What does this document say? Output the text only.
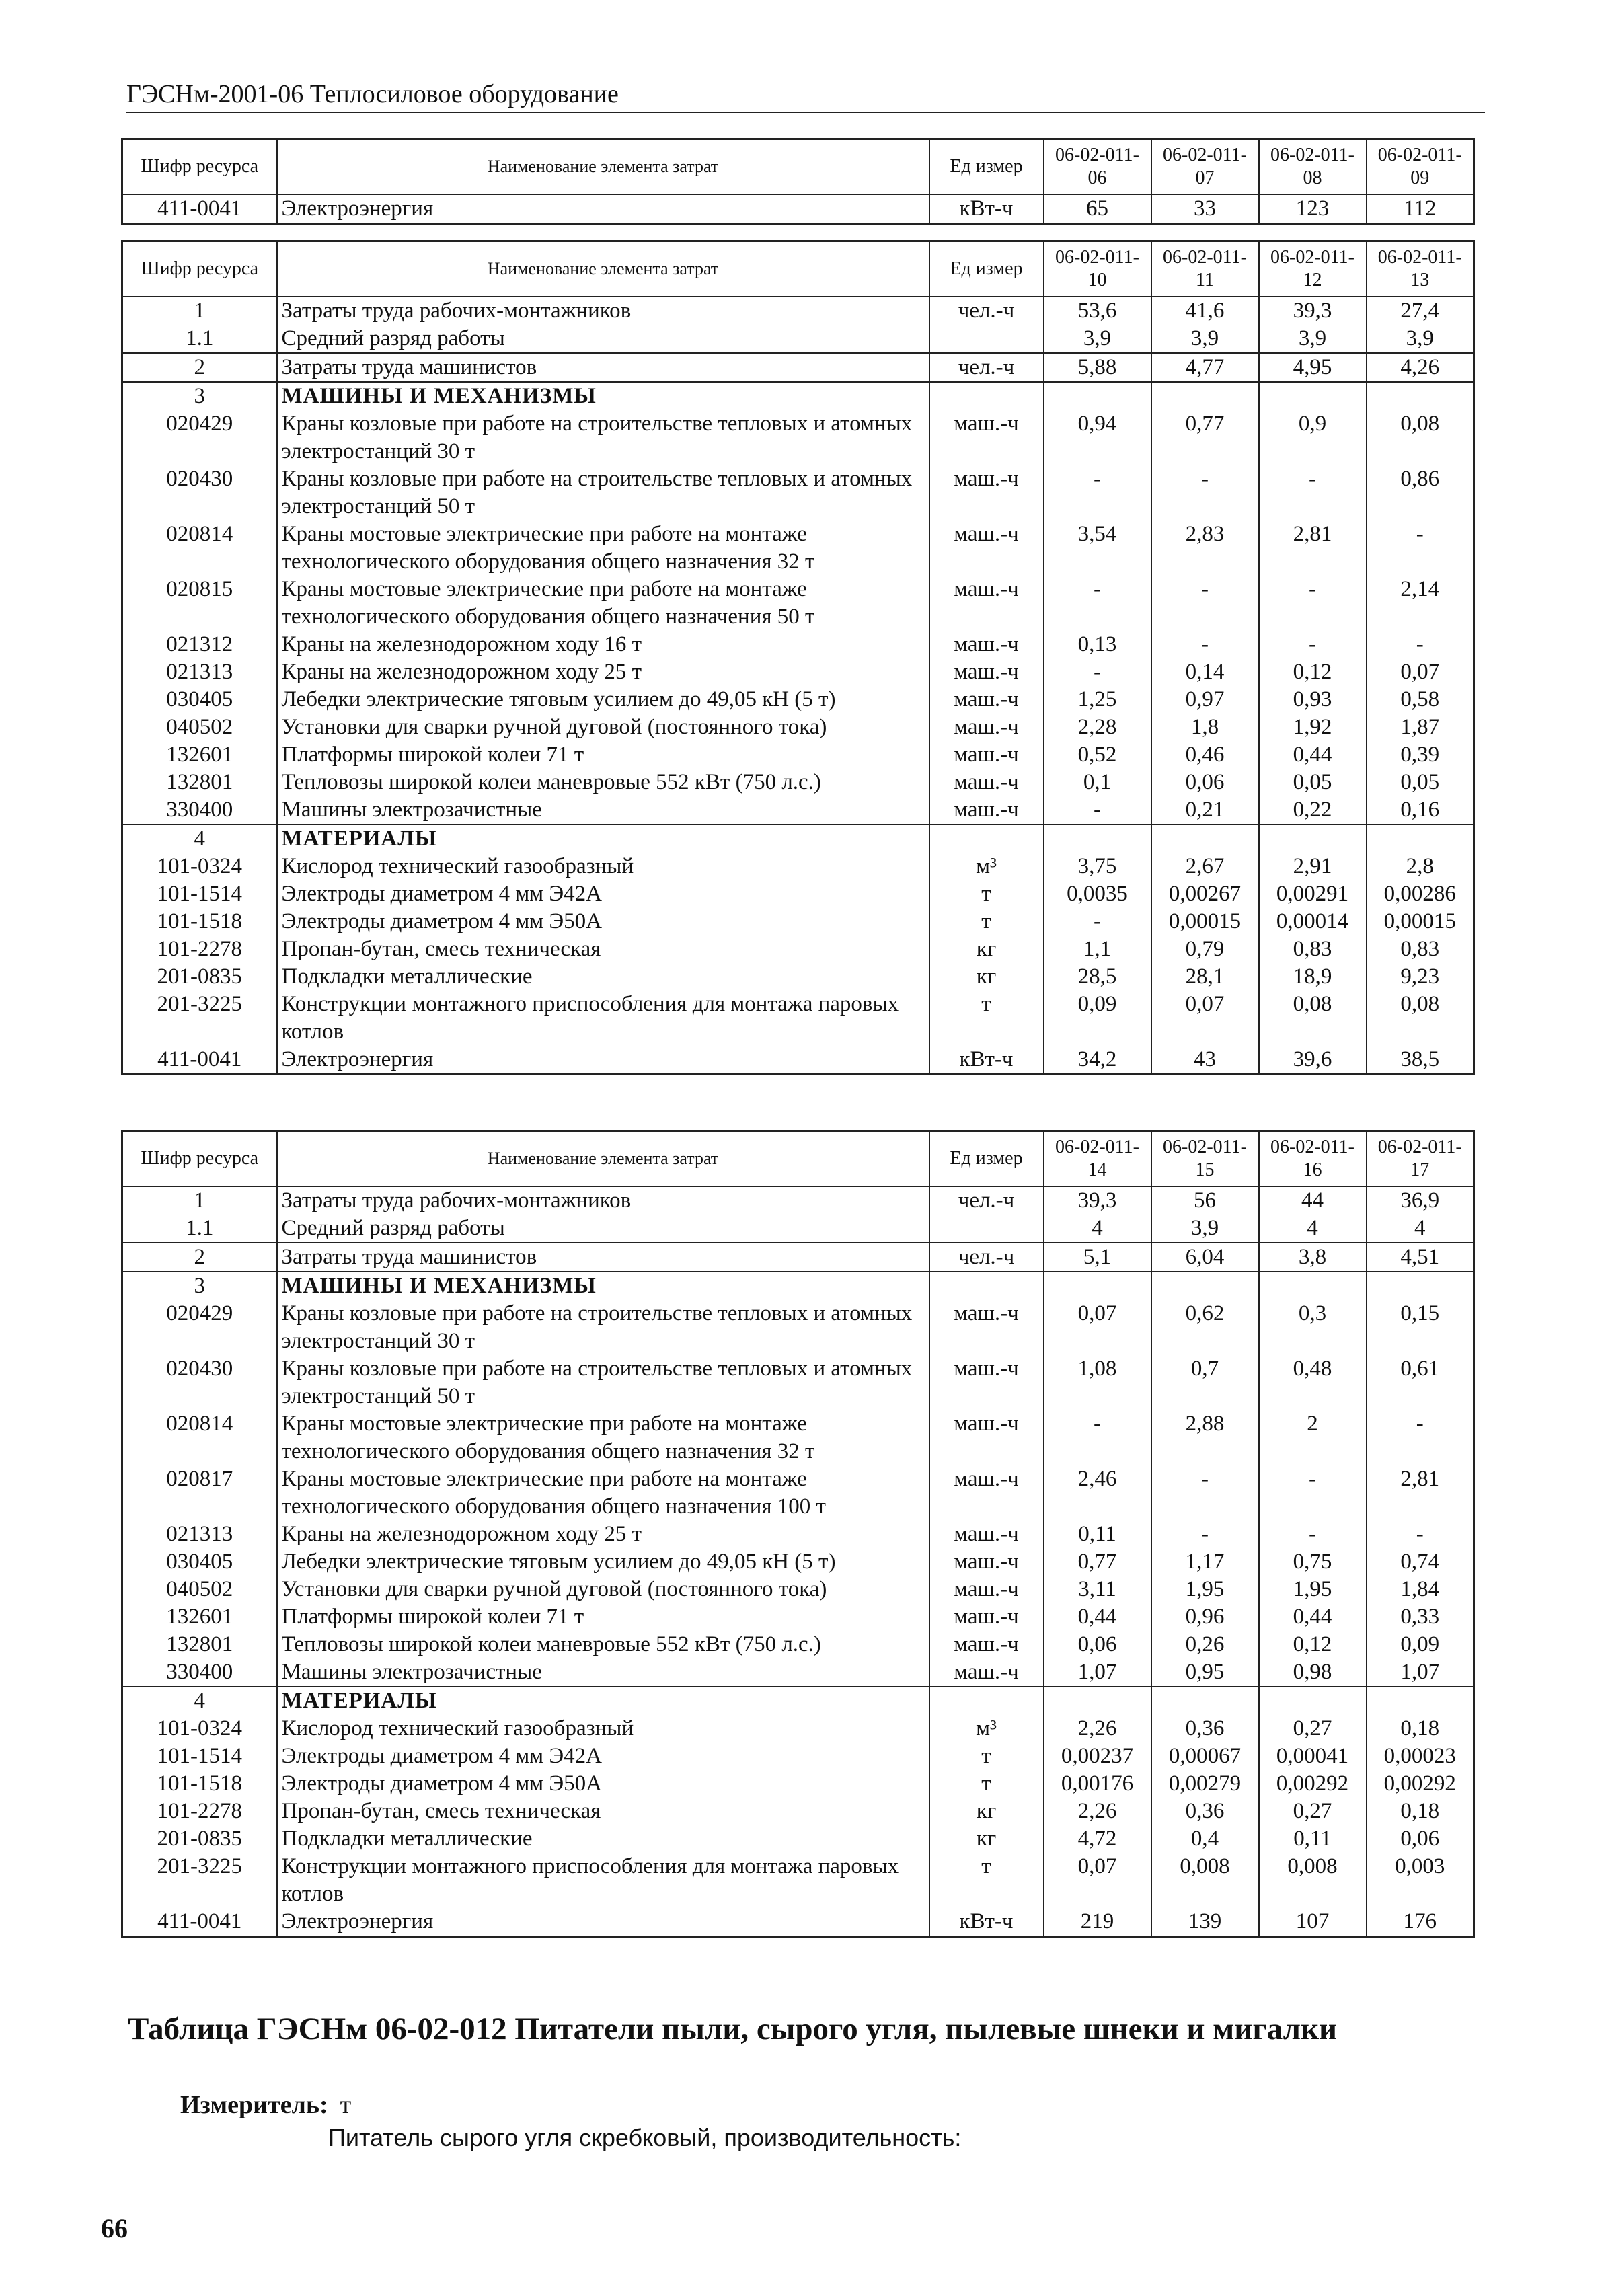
ГЭСНм-2001-06 Теплосиловое оборудование
Шифр ресурса	Наименование элемента затрат	Ед измер	06-02-011-06	06-02-011-07	06-02-011-08	06-02-011-09
411-0041	Электроэнергия	кВт-ч	65	33	123	112
Шифр ресурса	Наименование элемента затрат	Ед измер	06-02-011-10	06-02-011-11	06-02-011-12	06-02-011-13
1	Затраты труда рабочих-монтажников	чел.-ч	53,6	41,6	39,3	27,4
1.1	Средний разряд работы		3,9	3,9	3,9	3,9
2	Затраты труда машинистов	чел.-ч	5,88	4,77	4,95	4,26
3	МАШИНЫ И МЕХАНИЗМЫ					
020429	Краны козловые при работе на строительстве тепловых и атомных электростанций 30 т	маш.-ч	0,94	0,77	0,9	0,08
020430	Краны козловые при работе на строительстве тепловых и атомных электростанций 50 т	маш.-ч	-	-	-	0,86
020814	Краны мостовые электрические при работе на монтаже технологического оборудования общего назначения 32 т	маш.-ч	3,54	2,83	2,81	-
020815	Краны мостовые электрические при работе на монтаже технологического оборудования общего назначения 50 т	маш.-ч	-	-	-	2,14
021312	Краны на железнодорожном ходу 16 т	маш.-ч	0,13	-	-	-
021313	Краны на железнодорожном ходу 25 т	маш.-ч	-	0,14	0,12	0,07
030405	Лебедки электрические тяговым усилием до 49,05 кН (5 т)	маш.-ч	1,25	0,97	0,93	0,58
040502	Установки для сварки ручной дуговой (постоянного тока)	маш.-ч	2,28	1,8	1,92	1,87
132601	Платформы широкой колеи 71 т	маш.-ч	0,52	0,46	0,44	0,39
132801	Тепловозы широкой колеи маневровые 552 кВт (750 л.с.)	маш.-ч	0,1	0,06	0,05	0,05
330400	Машины электрозачистные	маш.-ч	-	0,21	0,22	0,16
4	МАТЕРИАЛЫ					
101-0324	Кислород технический газообразный	м³	3,75	2,67	2,91	2,8
101-1514	Электроды диаметром 4 мм Э42А	т	0,0035	0,00267	0,00291	0,00286
101-1518	Электроды диаметром 4 мм Э50А	т	-	0,00015	0,00014	0,00015
101-2278	Пропан-бутан, смесь техническая	кг	1,1	0,79	0,83	0,83
201-0835	Подкладки металлические	кг	28,5	28,1	18,9	9,23
201-3225	Конструкции монтажного приспособления для монтажа паровых котлов	т	0,09	0,07	0,08	0,08
411-0041	Электроэнергия	кВт-ч	34,2	43	39,6	38,5
Шифр ресурса	Наименование элемента затрат	Ед измер	06-02-011-14	06-02-011-15	06-02-011-16	06-02-011-17
1	Затраты труда рабочих-монтажников	чел.-ч	39,3	56	44	36,9
1.1	Средний разряд работы		4	3,9	4	4
2	Затраты труда машинистов	чел.-ч	5,1	6,04	3,8	4,51
3	МАШИНЫ И МЕХАНИЗМЫ					
020429	Краны козловые при работе на строительстве тепловых и атомных электростанций 30 т	маш.-ч	0,07	0,62	0,3	0,15
020430	Краны козловые при работе на строительстве тепловых и атомных электростанций 50 т	маш.-ч	1,08	0,7	0,48	0,61
020814	Краны мостовые электрические при работе на монтаже технологического оборудования общего назначения 32 т	маш.-ч	-	2,88	2	-
020817	Краны мостовые электрические при работе на монтаже технологического оборудования общего назначения 100 т	маш.-ч	2,46	-	-	2,81
021313	Краны на железнодорожном ходу 25 т	маш.-ч	0,11	-	-	-
030405	Лебедки электрические тяговым усилием до 49,05 кН (5 т)	маш.-ч	0,77	1,17	0,75	0,74
040502	Установки для сварки ручной дуговой (постоянного тока)	маш.-ч	3,11	1,95	1,95	1,84
132601	Платформы широкой колеи 71 т	маш.-ч	0,44	0,96	0,44	0,33
132801	Тепловозы широкой колеи маневровые 552 кВт (750 л.с.)	маш.-ч	0,06	0,26	0,12	0,09
330400	Машины электрозачистные	маш.-ч	1,07	0,95	0,98	1,07
4	МАТЕРИАЛЫ					
101-0324	Кислород технический газообразный	м³	2,26	0,36	0,27	0,18
101-1514	Электроды диаметром 4 мм Э42А	т	0,00237	0,00067	0,00041	0,00023
101-1518	Электроды диаметром 4 мм Э50А	т	0,00176	0,00279	0,00292	0,00292
101-2278	Пропан-бутан, смесь техническая	кг	2,26	0,36	0,27	0,18
201-0835	Подкладки металлические	кг	4,72	0,4	0,11	0,06
201-3225	Конструкции монтажного приспособления для монтажа паровых котлов	т	0,07	0,008	0,008	0,003
411-0041	Электроэнергия	кВт-ч	219	139	107	176
Таблица ГЭСНм 06-02-012 Питатели пыли, сырого угля, пылевые шнеки и мигалки
Измеритель: т
Питатель сырого угля скребковый, производительность:
66
